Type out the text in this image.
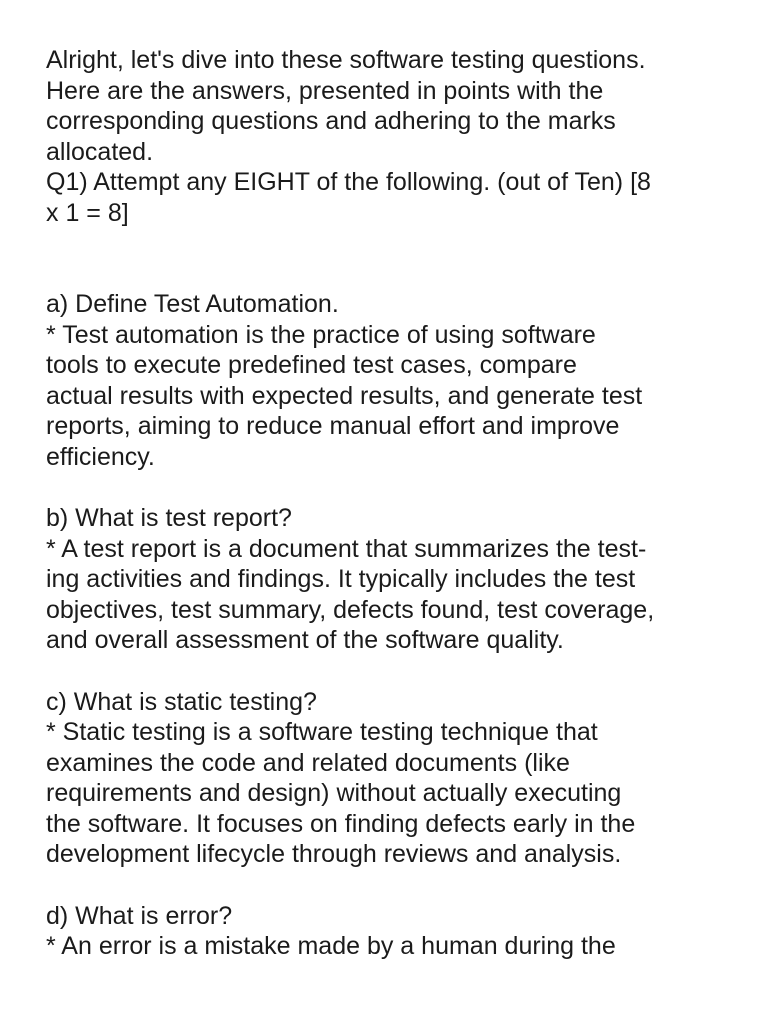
Alright, let's dive into these software testing questions.
Here are the answers, presented in points with the
corresponding questions and adhering to the marks
allocated.
Q1) Attempt any EIGHT of the following. (out of Ten) [8
x 1 = 8]
a) Define Test Automation.
* Test automation is the practice of using software
tools to execute predefined test cases, compare
actual results with expected results, and generate test
reports, aiming to reduce manual effort and improve
efficiency.
b) What is test report?
* A test report is a document that summarizes the test-
ing activities and findings. It typically includes the test
objectives, test summary, defects found, test coverage,
and overall assessment of the software quality.
c) What is static testing?
* Static testing is a software testing technique that
examines the code and related documents (like
requirements and design) without actually executing
the software. It focuses on finding defects early in the
development lifecycle through reviews and analysis.
d) What is error?
* An error is a mistake made by a human during the
